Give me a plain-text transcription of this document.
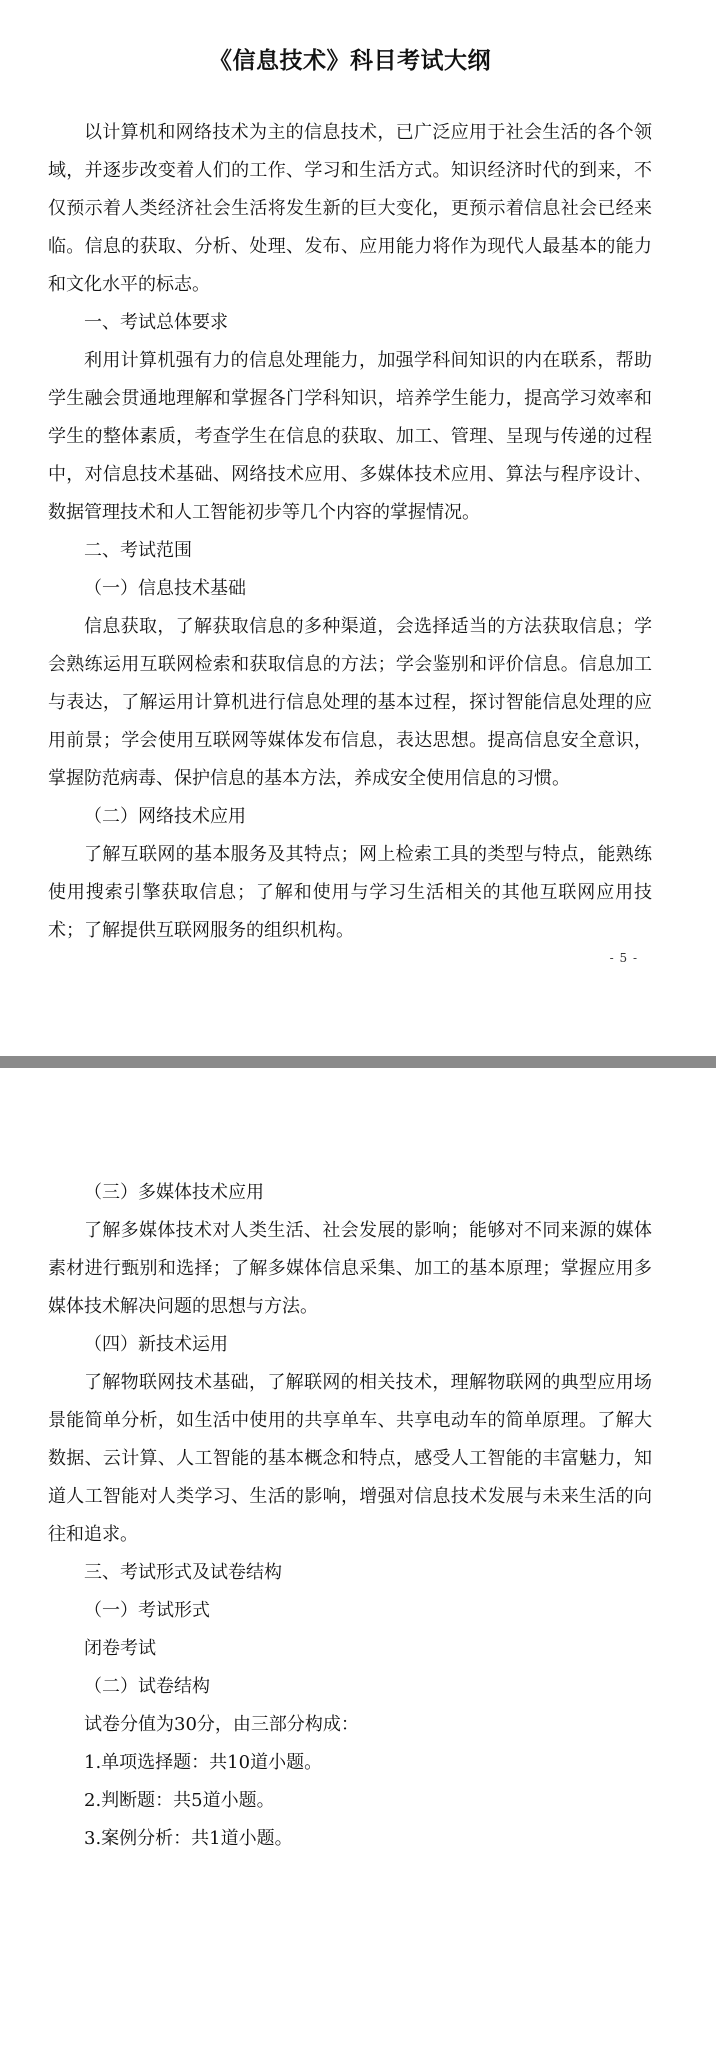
《信息技术》科目考试大纲

以计算机和网络技术为主的信息技术，已广泛应用于社会生活的各个领域，并逐步改变着人们的工作、学习和生活方式。知识经济时代的到来，不仅预示着人类经济社会生活将发生新的巨大变化，更预示着信息社会已经来临。信息的获取、分析、处理、发布、应用能力将作为现代人最基本的能力和文化水平的标志。

一、考试总体要求

利用计算机强有力的信息处理能力，加强学科间知识的内在联系，帮助学生融会贯通地理解和掌握各门学科知识，培养学生能力，提高学习效率和学生的整体素质，考查学生在信息的获取、加工、管理、呈现与传递的过程中，对信息技术基础、网络技术应用、多媒体技术应用、算法与程序设计、数据管理技术和人工智能初步等几个内容的掌握情况。

二、考试范围

（一）信息技术基础

信息获取，了解获取信息的多种渠道，会选择适当的方法获取信息；学会熟练运用互联网检索和获取信息的方法；学会鉴别和评价信息。信息加工与表达，了解运用计算机进行信息处理的基本过程，探讨智能信息处理的应用前景；学会使用互联网等媒体发布信息，表达思想。提高信息安全意识，掌握防范病毒、保护信息的基本方法，养成安全使用信息的习惯。

（二）网络技术应用

了解互联网的基本服务及其特点；网上检索工具的类型与特点，能熟练使用搜索引擎获取信息；了解和使用与学习生活相关的其他互联网应用技术；了解提供互联网服务的组织机构。

- 5 -

（三）多媒体技术应用

了解多媒体技术对人类生活、社会发展的影响；能够对不同来源的媒体素材进行甄别和选择；了解多媒体信息采集、加工的基本原理；掌握应用多媒体技术解决问题的思想与方法。

（四）新技术运用

了解物联网技术基础，了解联网的相关技术，理解物联网的典型应用场景能简单分析，如生活中使用的共享单车、共享电动车的简单原理。了解大数据、云计算、人工智能的基本概念和特点，感受人工智能的丰富魅力，知道人工智能对人类学习、生活的影响，增强对信息技术发展与未来生活的向往和追求。

三、考试形式及试卷结构

（一）考试形式

闭卷考试

（二）试卷结构

试卷分值为30分，由三部分构成：

1.单项选择题：共10道小题。

2.判断题：共5道小题。

3.案例分析：共1道小题。
